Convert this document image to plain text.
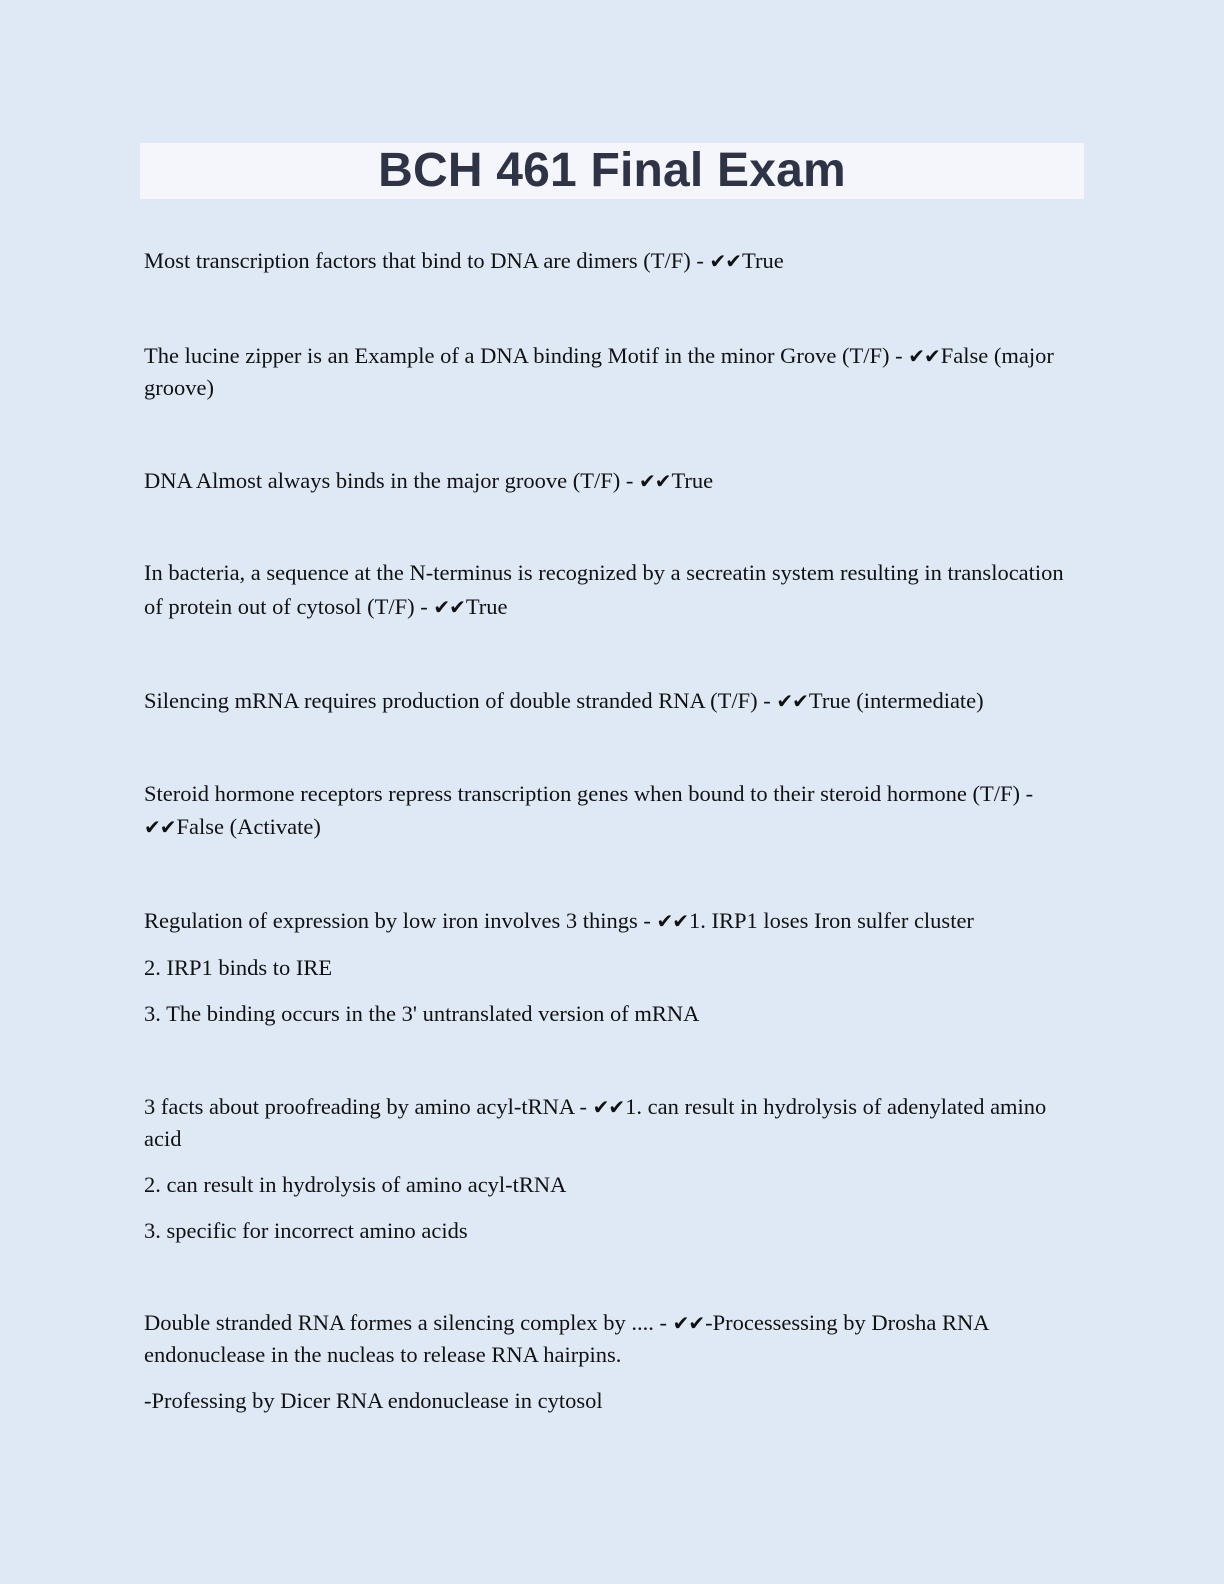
BCH 461 Final Exam

Most transcription factors that bind to DNA are dimers (T/F) - ✔✔True

The lucine zipper is an Example of a DNA binding Motif in the minor Grove (T/F) - ✔✔False (major groove)

DNA Almost always binds in the major groove (T/F) - ✔✔True

In bacteria, a sequence at the N-terminus is recognized by a secreatin system resulting in translocation of protein out of cytosol (T/F) - ✔✔True

Silencing mRNA requires production of double stranded RNA (T/F) - ✔✔True (intermediate)

Steroid hormone receptors repress transcription genes when bound to their steroid hormone (T/F) - ✔✔False (Activate)

Regulation of expression by low iron involves 3 things - ✔✔1. IRP1 loses Iron sulfer cluster

2. IRP1 binds to IRE

3. The binding occurs in the 3' untranslated version of mRNA

3 facts about proofreading by amino acyl-tRNA - ✔✔1. can result in hydrolysis of adenylated amino acid

2. can result in hydrolysis of amino acyl-tRNA

3. specific for incorrect amino acids

Double stranded RNA formes a silencing complex by .... - ✔✔-Processessing by Drosha RNA endonuclease in the nucleas to release RNA hairpins.

-Professing by Dicer RNA endonuclease in cytosol
